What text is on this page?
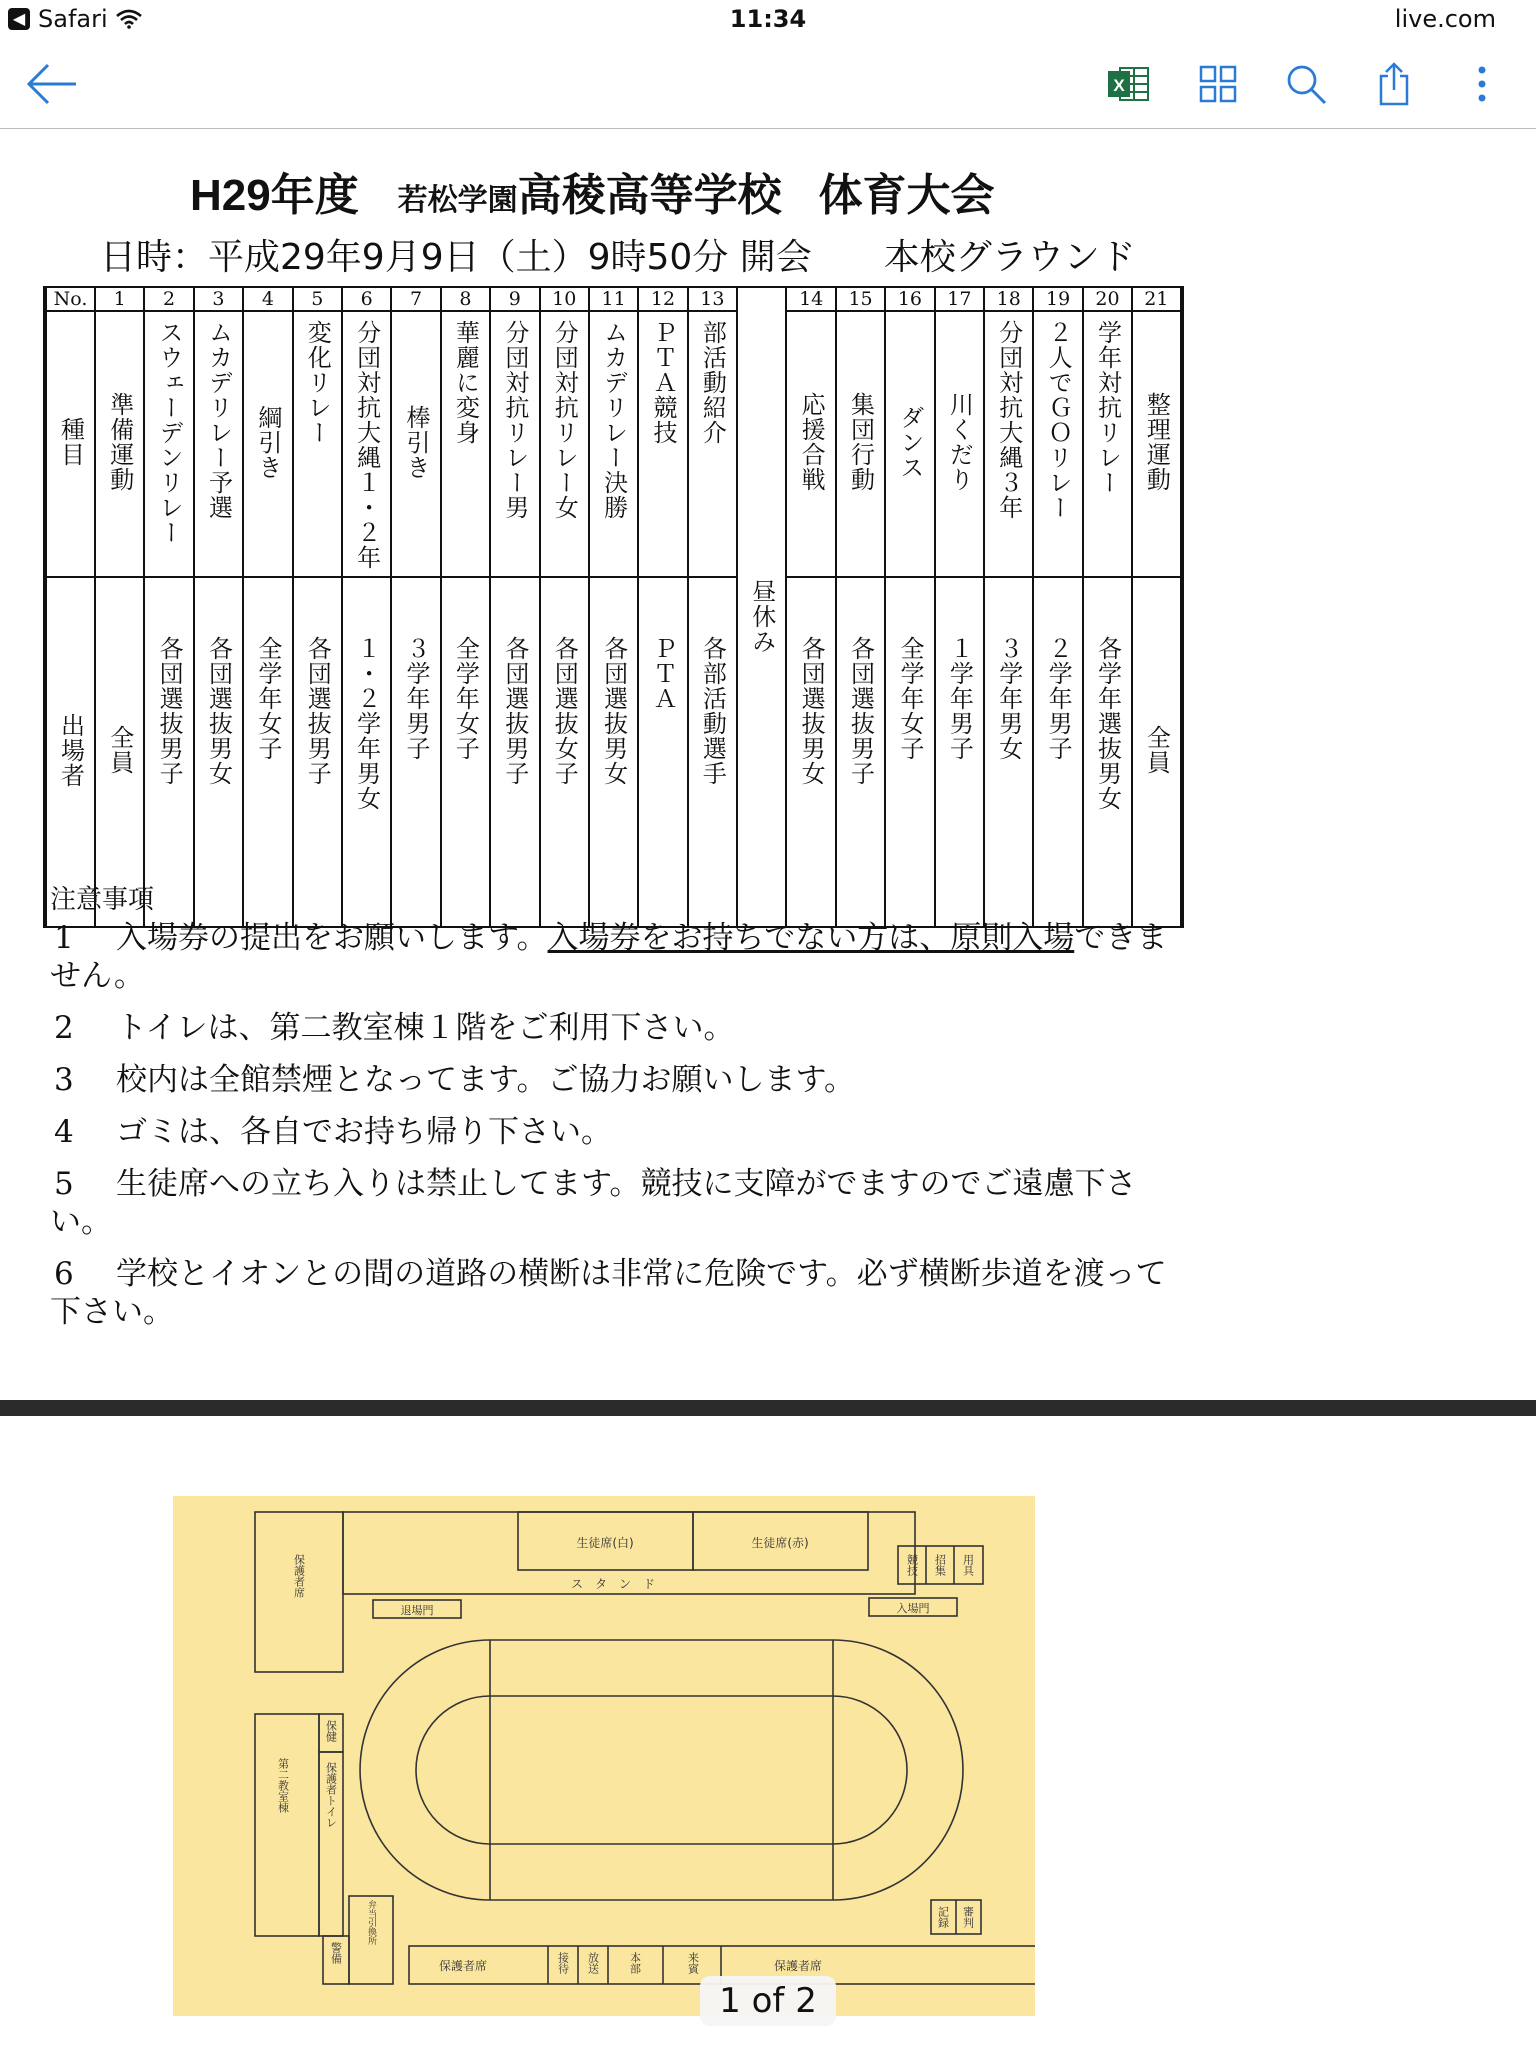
◀ Safari	11:34	live.com
X
H29年度 若松学園高稜高等学校 体育大会
日時：平成29年9月9日（土）9時50分 開会　　本校グラウンド
No.	1	2	3	4	5	6	7	8	9	10	11	12	13		14	15	16	17	18	19	20	21
種目	準備運動	スウェーデンリレー	ムカデリレー予選	綱引き	変化リレー	分団対抗大縄１・２年	棒引き	華麗に変身	分団対抗リレー男	分団対抗リレー女	ムカデリレー決勝	ＰＴＡ競技	部活動紹介	昼休み	応援合戦	集団行動	ダンス	川くだり	分団対抗大縄３年	２人でＧＯリレー	学年対抗リレー	整理運動
出場者	全員	各団選抜男子	各団選抜男女	全学年女子	各団選抜男子	１・２学年男女	３学年男子	全学年女子	各団選抜男子	各団選抜女子	各団選抜男女	ＰＴＡ	各部活動選手		各団選抜男女	各団選抜男子	全学年女子	１学年男子	３学年男女	２学年男子	各学年選抜男女	全員
注意事項
1 入場券の提出をお願いします。入場券をお持ちでない方は、原則入場できません。
2 トイレは、第二教室棟１階をご利用下さい。
3 校内は全館禁煙となってます。ご協力お願いします。
4 ゴミは、各自でお持ち帰り下さい。
5 生徒席への立ち入りは禁止してます。競技に支障がでますのでご遠慮下さい。
6 学校とイオンとの間の道路の横断は非常に危険です。必ず横断歩道を渡って下さい。
保護者席
生徒席(白)	生徒席(赤)
ス　タ　ン　ド
退場門	入場門
競技 招集 用具
第二教室棟
保健
保護者トイレ
弁当引換所
警備
保護者席	接待 放送	本部	来賓	保護者席
記録 審判
1 of 2
